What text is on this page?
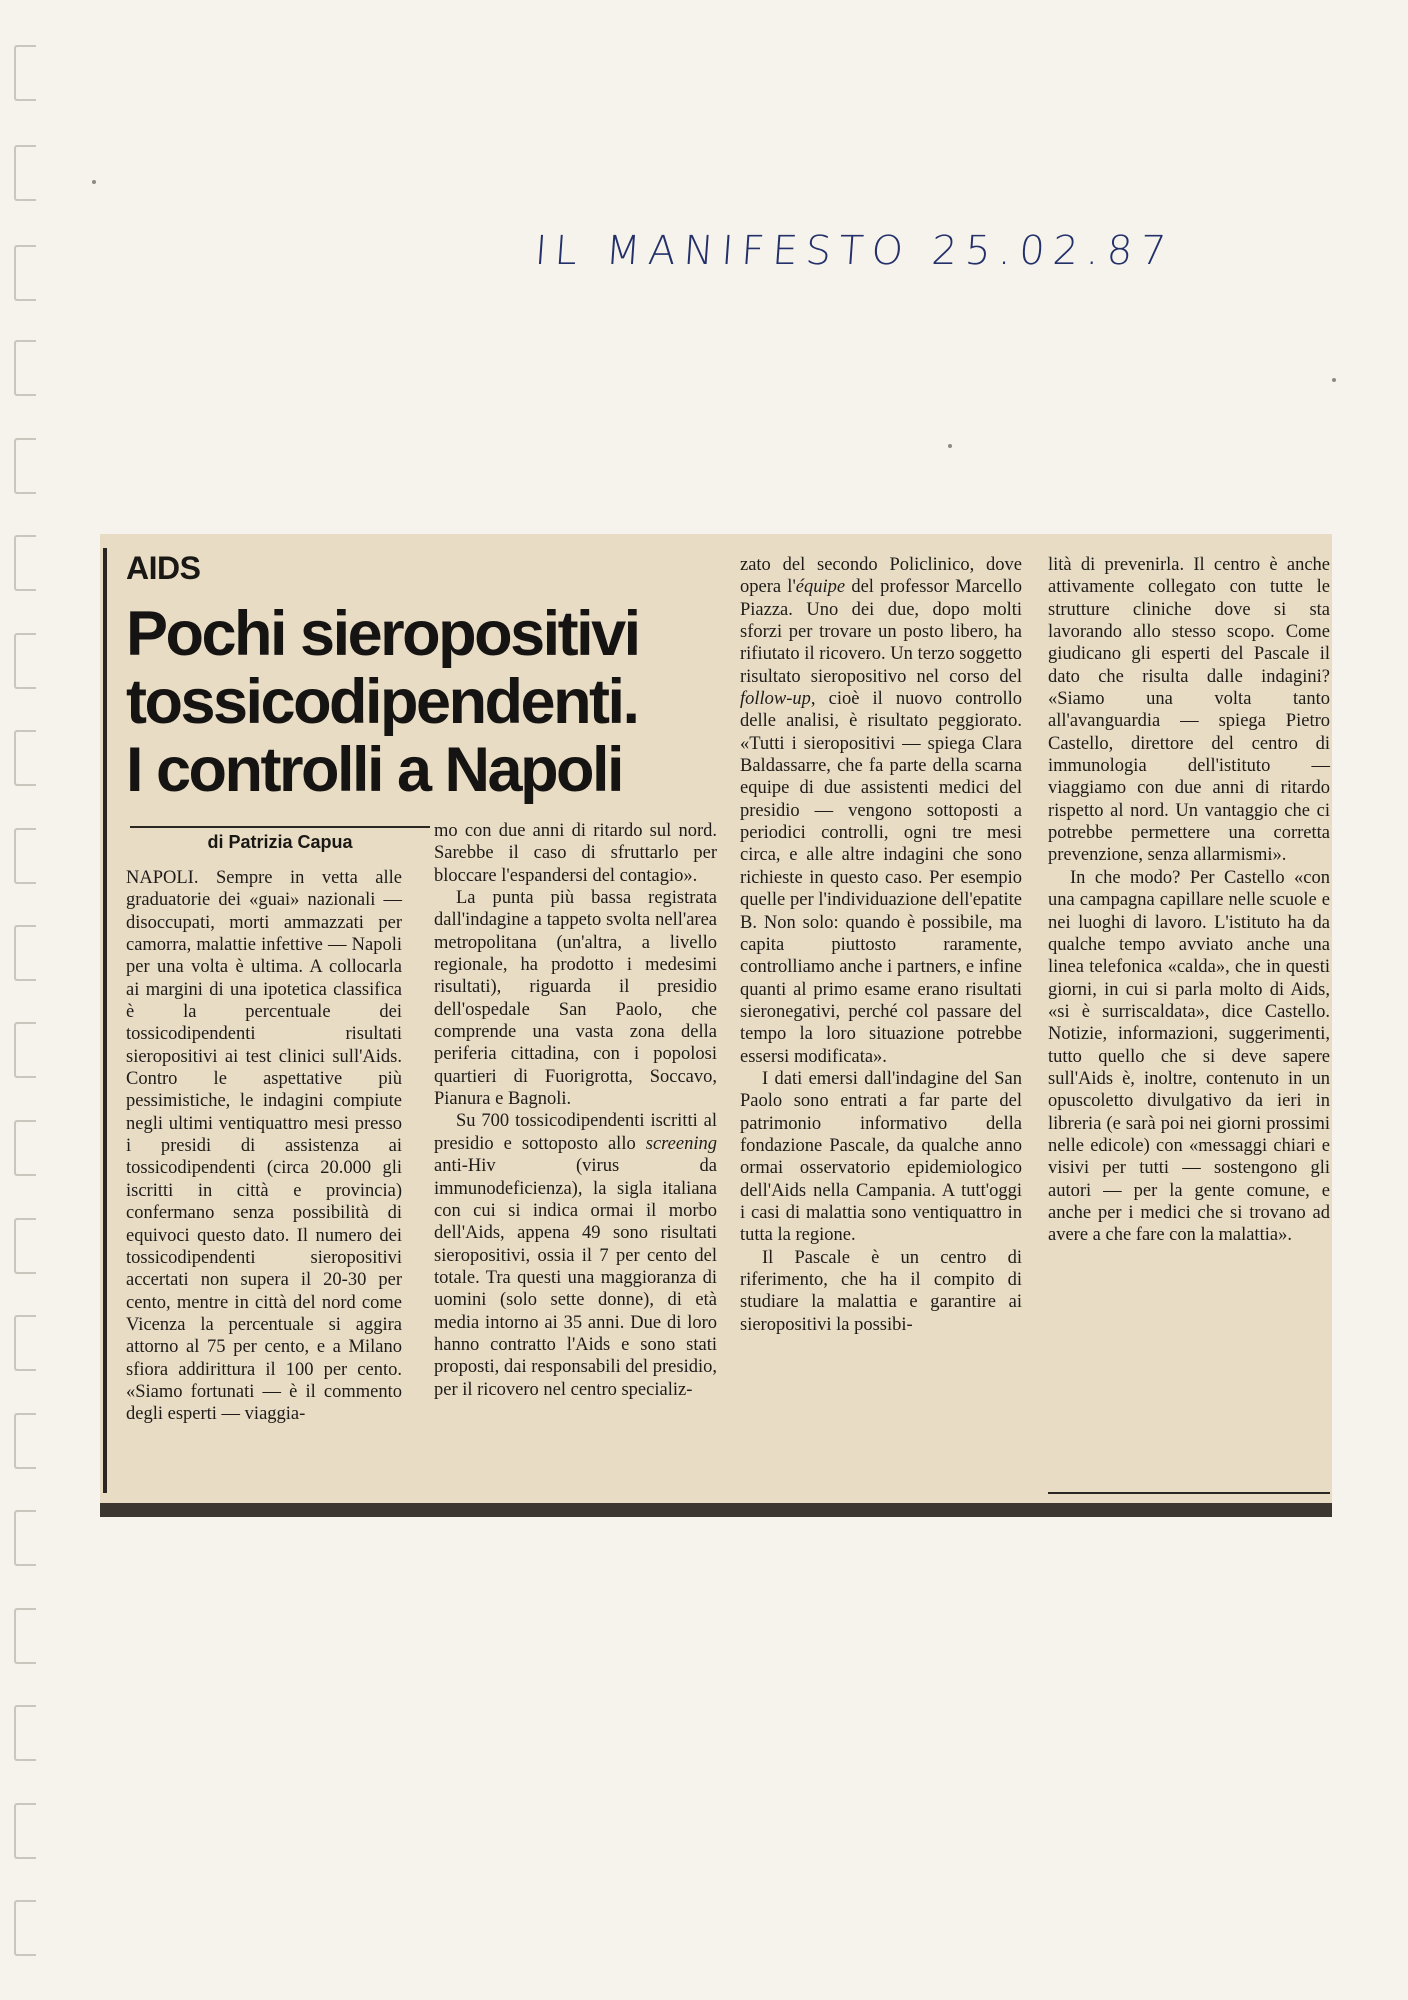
IL MANIFESTO 25.02.87
AIDS
Pochi sieropositivi tossicodipendenti. I controlli a Napoli
di Patrizia Capua

NAPOLI. Sempre in vetta alle graduatorie dei «guai» nazionali — disoccupati, morti ammazzati per camorra, malattie infettive — Napoli per una volta è ultima. A collocarla ai margini di una ipotetica classifica è la percentuale dei tossicodipendenti risultati sieropositivi ai test clinici sull'Aids. Contro le aspettative più pessimistiche, le indagini compiute negli ultimi ventiquattro mesi presso i presidi di assistenza ai tossicodipendenti (circa 20.000 gli iscritti in città e provincia) confermano senza possibilità di equivoci questo dato. Il numero dei tossicodipendenti sieropositivi accertati non supera il 20-30 per cento, mentre in città del nord come Vicenza la percentuale si aggira attorno al 75 per cento, e a Milano sfiora addirittura il 100 per cento. «Siamo fortunati — è il commento degli esperti — viaggia-

mo con due anni di ritardo sul nord. Sarebbe il caso di sfruttarlo per bloccare l'espandersi del contagio».

La punta più bassa registrata dall'indagine a tappeto svolta nell'area metropolitana (un'altra, a livello regionale, ha prodotto i medesimi risultati), riguarda il presidio dell'ospedale San Paolo, che comprende una vasta zona della periferia cittadina, con i popolosi quartieri di Fuorigrotta, Soccavo, Pianura e Bagnoli.

Su 700 tossicodipendenti iscritti al presidio e sottoposto allo screening anti-Hiv (virus da immunodeficienza), la sigla italiana con cui si indica ormai il morbo dell'Aids, appena 49 sono risultati sieropositivi, ossia il 7 per cento del totale. Tra questi una maggioranza di uomini (solo sette donne), di età media intorno ai 35 anni. Due di loro hanno contratto l'Aids e sono stati proposti, dai responsabili del presidio, per il ricovero nel centro specializ-

zato del secondo Policlinico, dove opera l'équipe del professor Marcello Piazza. Uno dei due, dopo molti sforzi per trovare un posto libero, ha rifiutato il ricovero. Un terzo soggetto risultato sieropositivo nel corso del follow-up, cioè il nuovo controllo delle analisi, è risultato peggiorato. «Tutti i sieropositivi — spiega Clara Baldassarre, che fa parte della scarna equipe di due assistenti medici del presidio — vengono sottoposti a periodici controlli, ogni tre mesi circa, e alle altre indagini che sono richieste in questo caso. Per esempio quelle per l'individuazione dell'epatite B. Non solo: quando è possibile, ma capita piuttosto raramente, controlliamo anche i partners, e infine quanti al primo esame erano risultati sieronegativi, perché col passare del tempo la loro situazione potrebbe essersi modificata».

I dati emersi dall'indagine del San Paolo sono entrati a far parte del patrimonio informativo della fondazione Pascale, da qualche anno ormai osservatorio epidemiologico dell'Aids nella Campania. A tutt'oggi i casi di malattia sono ventiquattro in tutta la regione.

Il Pascale è un centro di riferimento, che ha il compito di studiare la malattia e garantire ai sieropositivi la possibi-

lità di prevenirla. Il centro è anche attivamente collegato con tutte le strutture cliniche dove si sta lavorando allo stesso scopo. Come giudicano gli esperti del Pascale il dato che risulta dalle indagini? «Siamo una volta tanto all'avanguardia — spiega Pietro Castello, direttore del centro di immunologia dell'istituto — viaggiamo con due anni di ritardo rispetto al nord. Un vantaggio che ci potrebbe permettere una corretta prevenzione, senza allarmismi».

In che modo? Per Castello «con una campagna capillare nelle scuole e nei luoghi di lavoro. L'istituto ha da qualche tempo avviato anche una linea telefonica «calda», che in questi giorni, in cui si parla molto di Aids, «si è surriscaldata», dice Castello. Notizie, informazioni, suggerimenti, tutto quello che si deve sapere sull'Aids è, inoltre, contenuto in un opuscoletto divulgativo da ieri in libreria (e sarà poi nei giorni prossimi nelle edicole) con «messaggi chiari e visivi per tutti — sostengono gli autori — per la gente comune, e anche per i medici che si trovano ad avere a che fare con la malattia».
